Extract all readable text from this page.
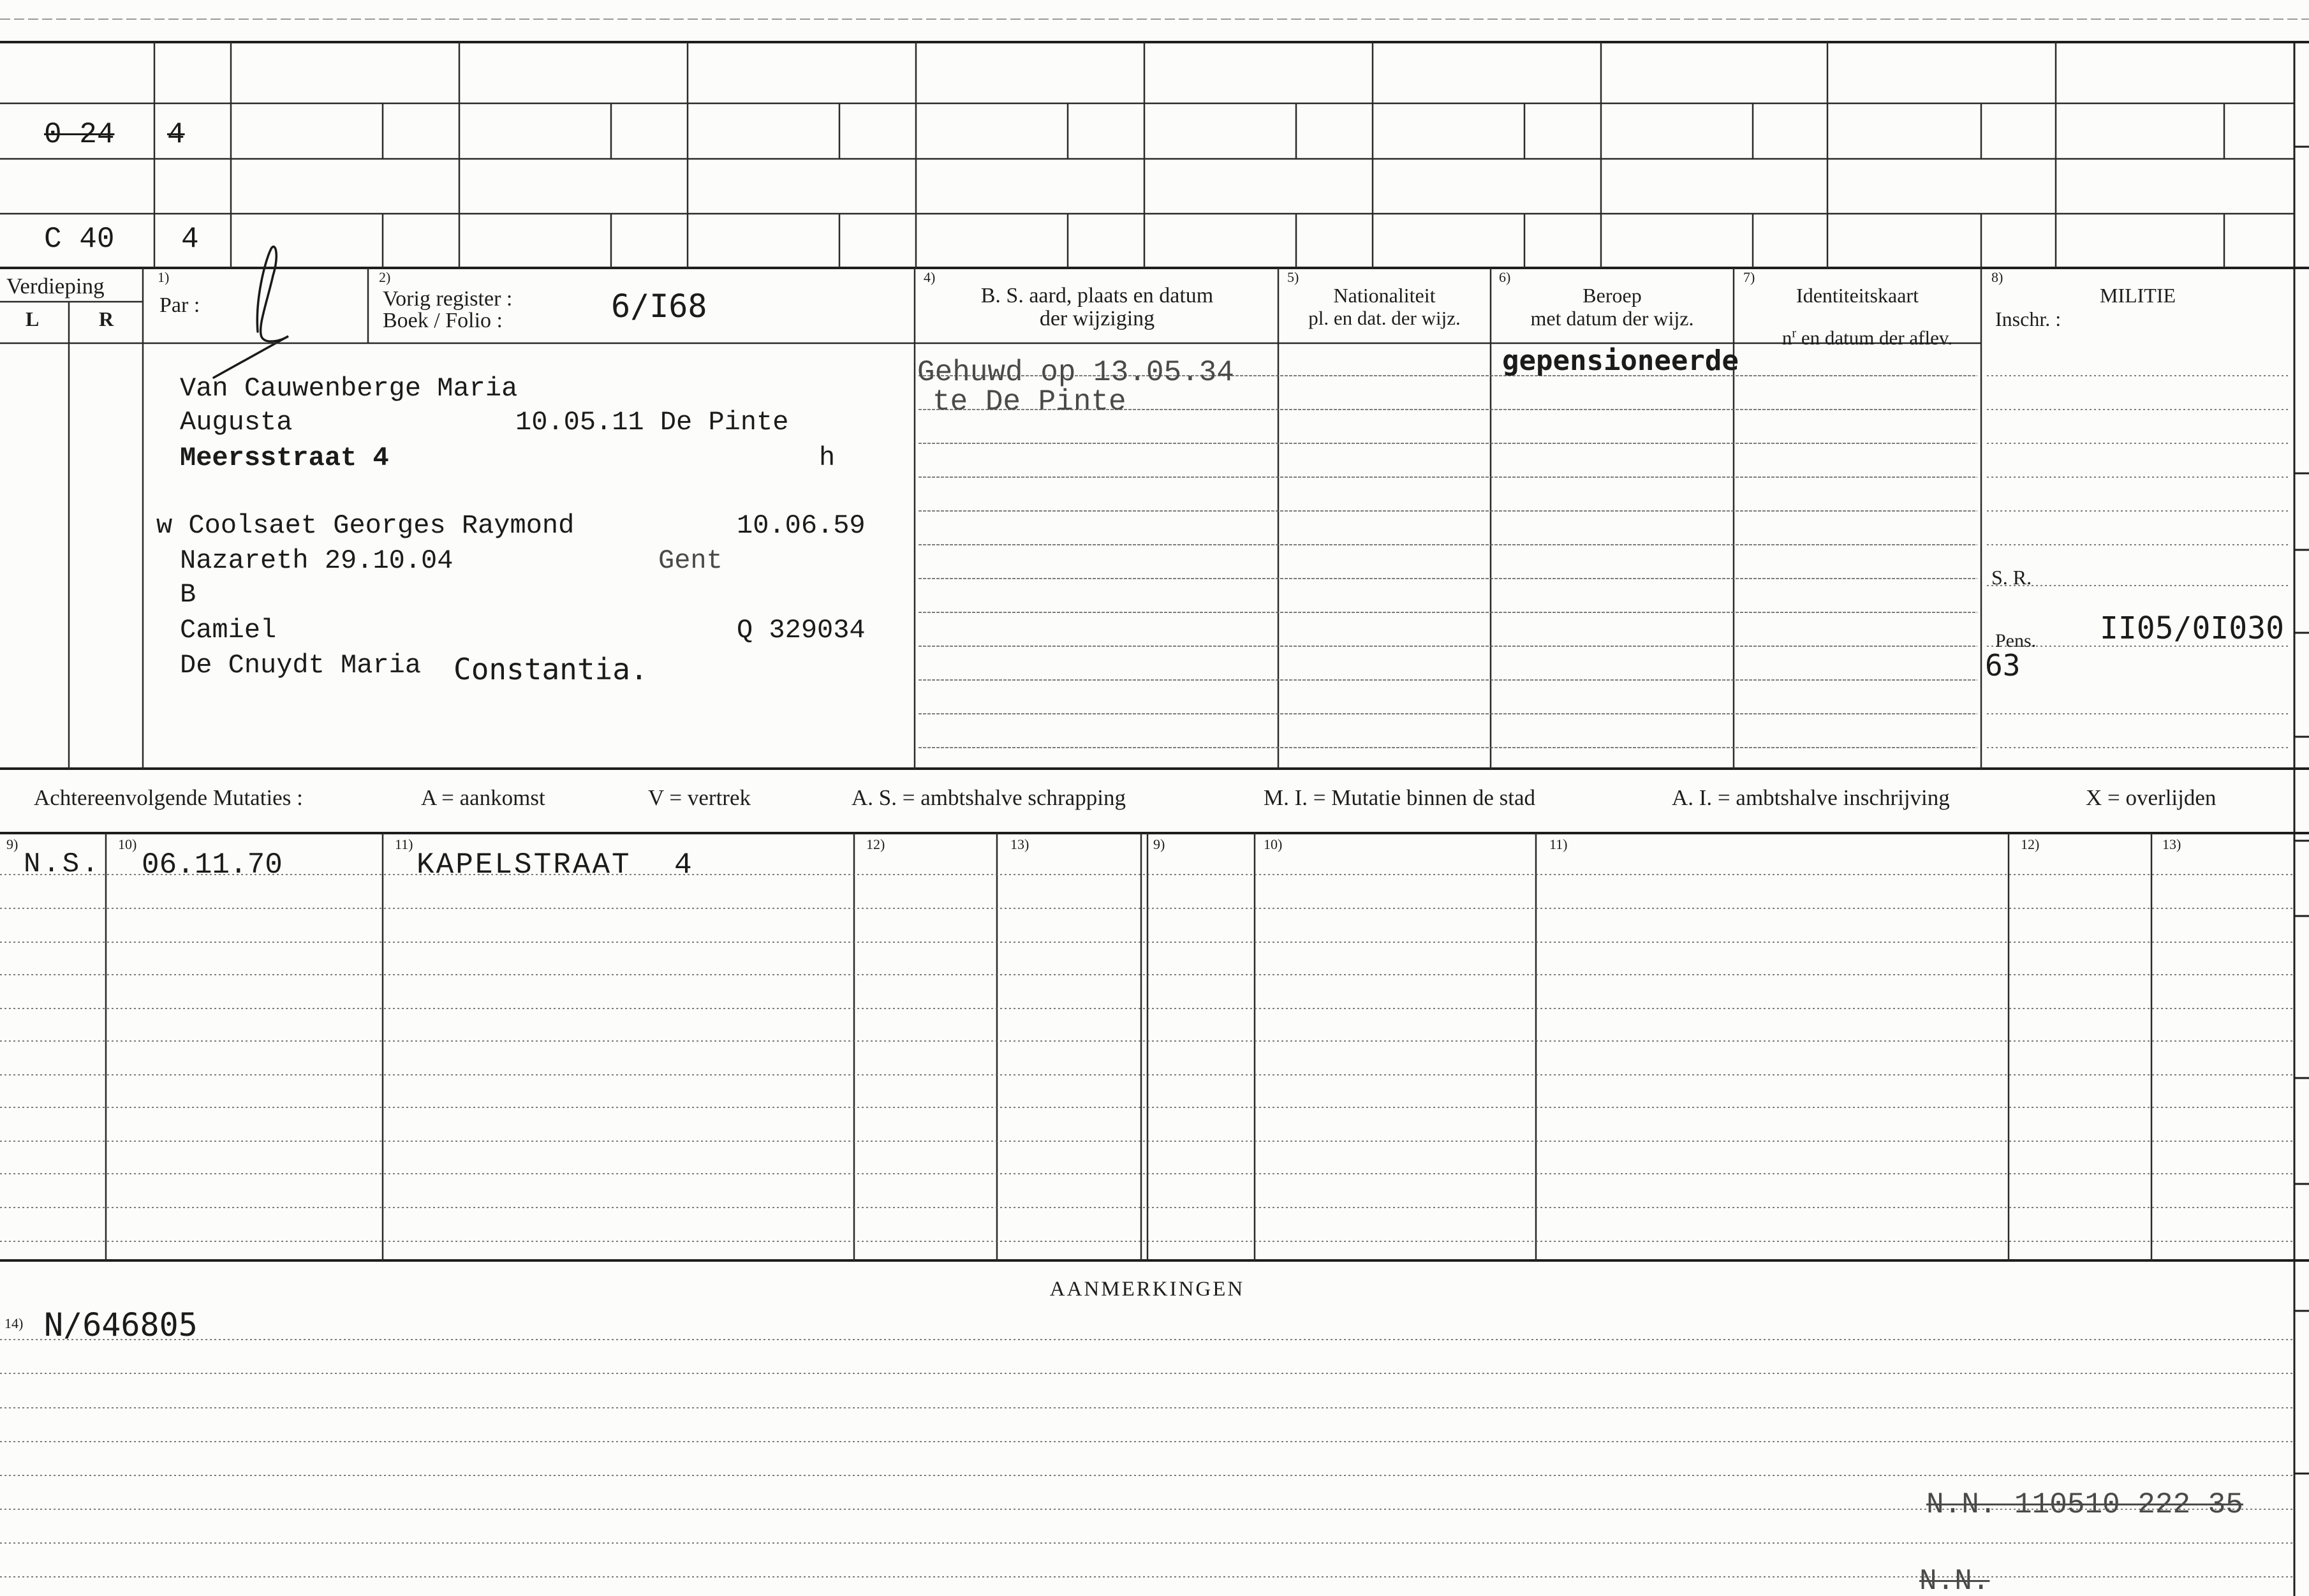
0 24 4
C 40 4
Verdieping
L	R
1)
Par :
2)
Vorig register :
Boek / Folio :	6/I68
4)
B. S. aard, plaats en datum
der wijziging
5)
Nationaliteit
pl. en dat. der wijz.
6)
Beroep
met datum der wijz.
7)
Identiteitskaart

$n^r$ en datum der aflev.

8)
MILITIE
Inschr. :
Van Cauwenberge Maria
Augusta	10.05.11 De Pinte
Meersstraat 4	h
w Coolsaet Georges Raymond	10.06.59
Nazareth 29.10.04	Gent
B
Camiel	Q 329034
De Cnuydt Maria Constantia.
Gehuwd op 13.05.34
te De Pinte
gepensioneerde
S. R.
Pens. II05/0I030
63
Achtereenvolgende Mutaties :	A = aankomst	V = vertrek	A. S. = ambtshalve schrapping	M. I. = Mutatie binnen de stad	A. I. = ambtshalve inschrijving	X = overlijden
9)	10)	11)	12)	13)	9)	10)	11)	12)	13)
N.S. 06.11.70	KAPELSTRAAT 4
AANMERKINGEN
14) N/646805
N.N. 110510 222 35
N.N.
